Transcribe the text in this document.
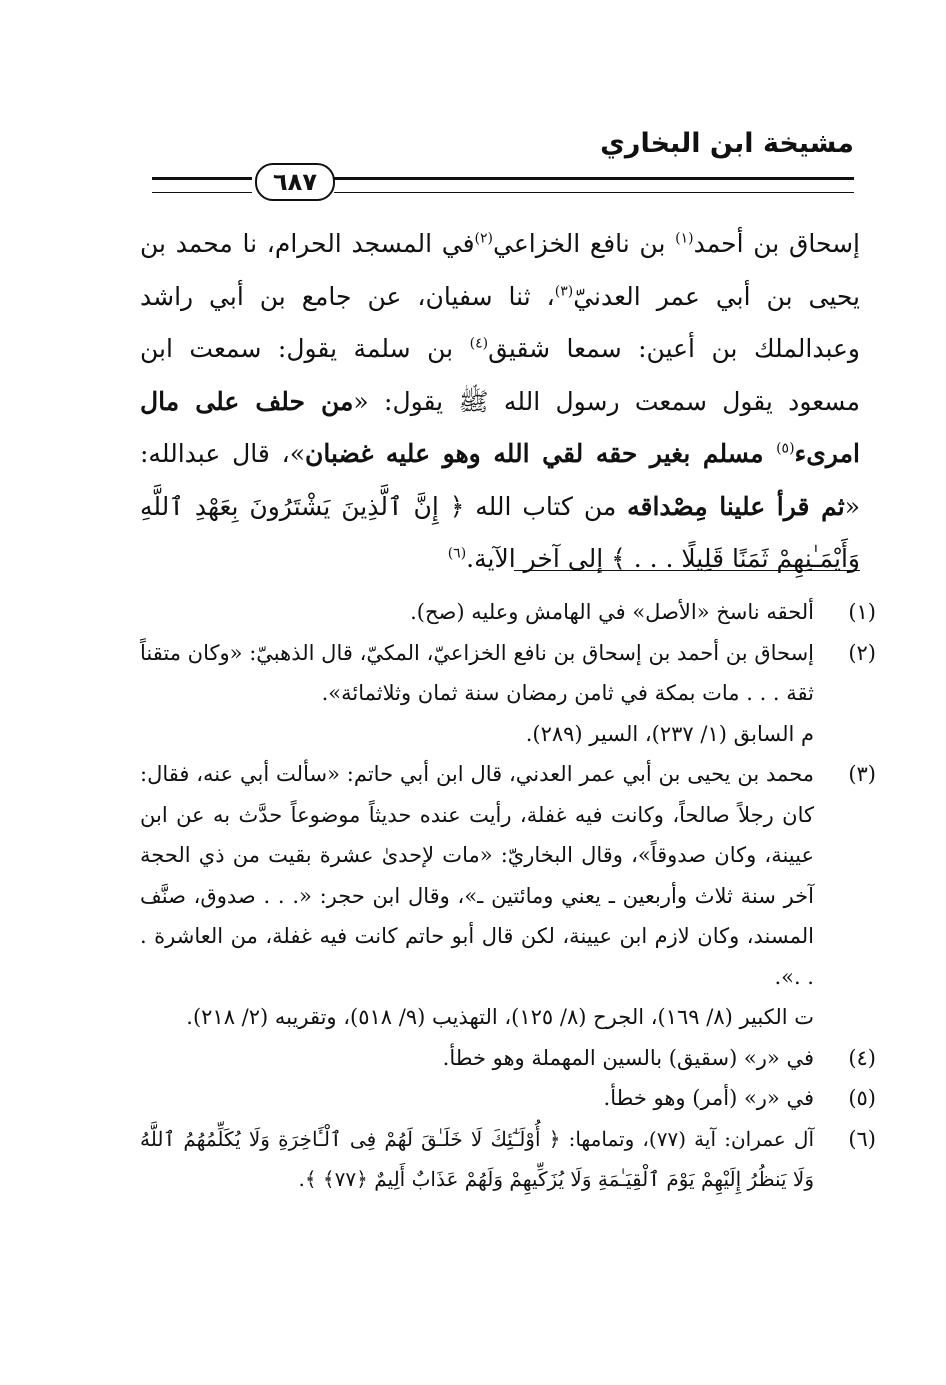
مشيخة ابن البخاري
٦٨٧

إسحاق بن أحمد$^{(١)}$ بن نافع الخزاعي$^{(٢)}$في المسجد الحرام، نا محمد بن يحيى بن أبي عمر العدنيّ$^{(٣)}$، ثنا سفيان، عن جامع بن أبي راشد وعبدالملك بن أعين: سمعا شقيق$^{(٤)}$ بن سلمة يقول: سمعت ابن مسعود يقول سمعت رسول الله ﷺ يقول: «من حلف على مال امرىء$^{(٥)}$ مسلم بغير حقه لقي الله وهو عليه غضبان»، قال عبدالله: «ثم قرأ علينا مِصْداقه من كتاب الله ﴿ إِنَّ ٱلَّذِينَ يَشْتَرُونَ بِعَهْدِ ٱللَّهِ وَأَيْمَـٰنِهِمْ ثَمَنًا قَلِيلًا . . . ﴾ إلى آخر الآية.$^{(٦)}$

(١)

ألحقه ناسخ «الأصل» في الهامش وعليه (صح).

(٢)

إسحاق بن أحمد بن إسحاق بن نافع الخزاعيّ، المكيّ، قال الذهبيّ: «وكان متقناً ثقة . . . مات بمكة في ثامن رمضان سنة ثمان وثلاثمائة».

م السابق (١/ ٢٣٧)، السير (٢٨٩).

(٣)

محمد بن يحيى بن أبي عمر العدني، قال ابن أبي حاتم: «سألت أبي عنه، فقال: كان رجلاً صالحاً، وكانت فيه غفلة، رأيت عنده حديثاً موضوعاً حدَّث به عن ابن عيينة، وكان صدوقاً»، وقال البخاريّ: «مات لإحدىٰ عشرة بقيت من ذي الحجة آخر سنة ثلاث وأربعين ـ يعني ومائتين ـ»، وقال ابن حجر: «. . . صدوق، صنَّف المسند، وكان لازم ابن عيينة، لكن قال أبو حاتم كانت فيه غفلة، من العاشرة . . .».

ت الكبير (٨/ ١٦٩)، الجرح (٨/ ١٢٥)، التهذيب (٩/ ٥١٨)، وتقريبه (٢/ ٢١٨).

(٤)

في «ر» (سقيق) بالسين المهملة وهو خطأ.

(٥)

في «ر» (أمر) وهو خطأ.

(٦)

آل عمران: آية (٧٧)، وتمامها: ﴿ أُوْلَـٰٓئِكَ لَا خَلَـٰقَ لَهُمْ فِى ٱلْـَٔاخِرَةِ وَلَا يُكَلِّمُهُمُ ٱللَّهُ وَلَا يَنظُرُ إِلَيْهِمْ يَوْمَ ٱلْقِيَـٰمَةِ وَلَا يُزَكِّيهِمْ وَلَهُمْ عَذَابٌ أَلِيمٌ ﴿٧٧﴾ ﴾.
